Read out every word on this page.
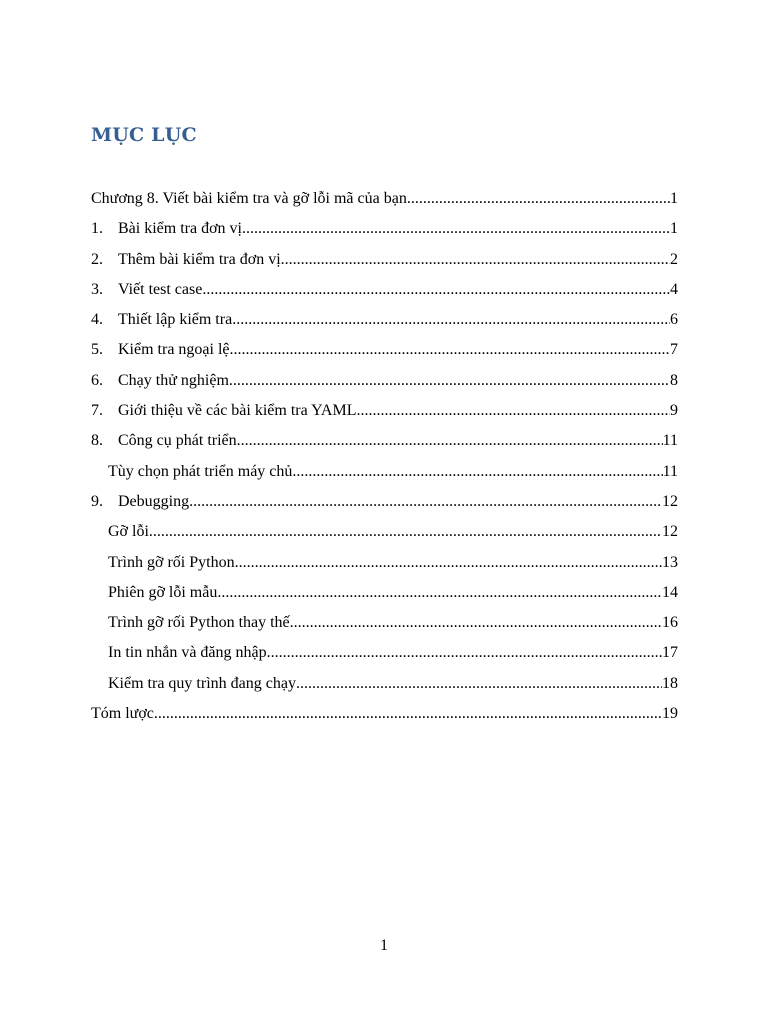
MỤC LỤC
Chương 8. Viết bài kiểm tra và gỡ lỗi mã của bạn .....	1
1. Bài kiểm tra đơn vị .....	1
2. Thêm bài kiểm tra đơn vị .....	2
3. Viết test case .....	4
4. Thiết lập kiểm tra .....	6
5. Kiểm tra ngoại lệ .....	7
6. Chạy thử nghiệm .....	8
7. Giới thiệu về các bài kiểm tra YAML .....	9
8. Công cụ phát triển .....	11
Tùy chọn phát triển máy chủ .....	11
9. Debugging .....	12
Gỡ lỗi .....	12
Trình gỡ rối Python .....	13
Phiên gỡ lỗi mẫu .....	14
Trình gỡ rối Python thay thế .....	16
In tin nhắn và đăng nhập .....	17
Kiểm tra quy trình đang chạy .....	18
Tóm lược .....	19
1
